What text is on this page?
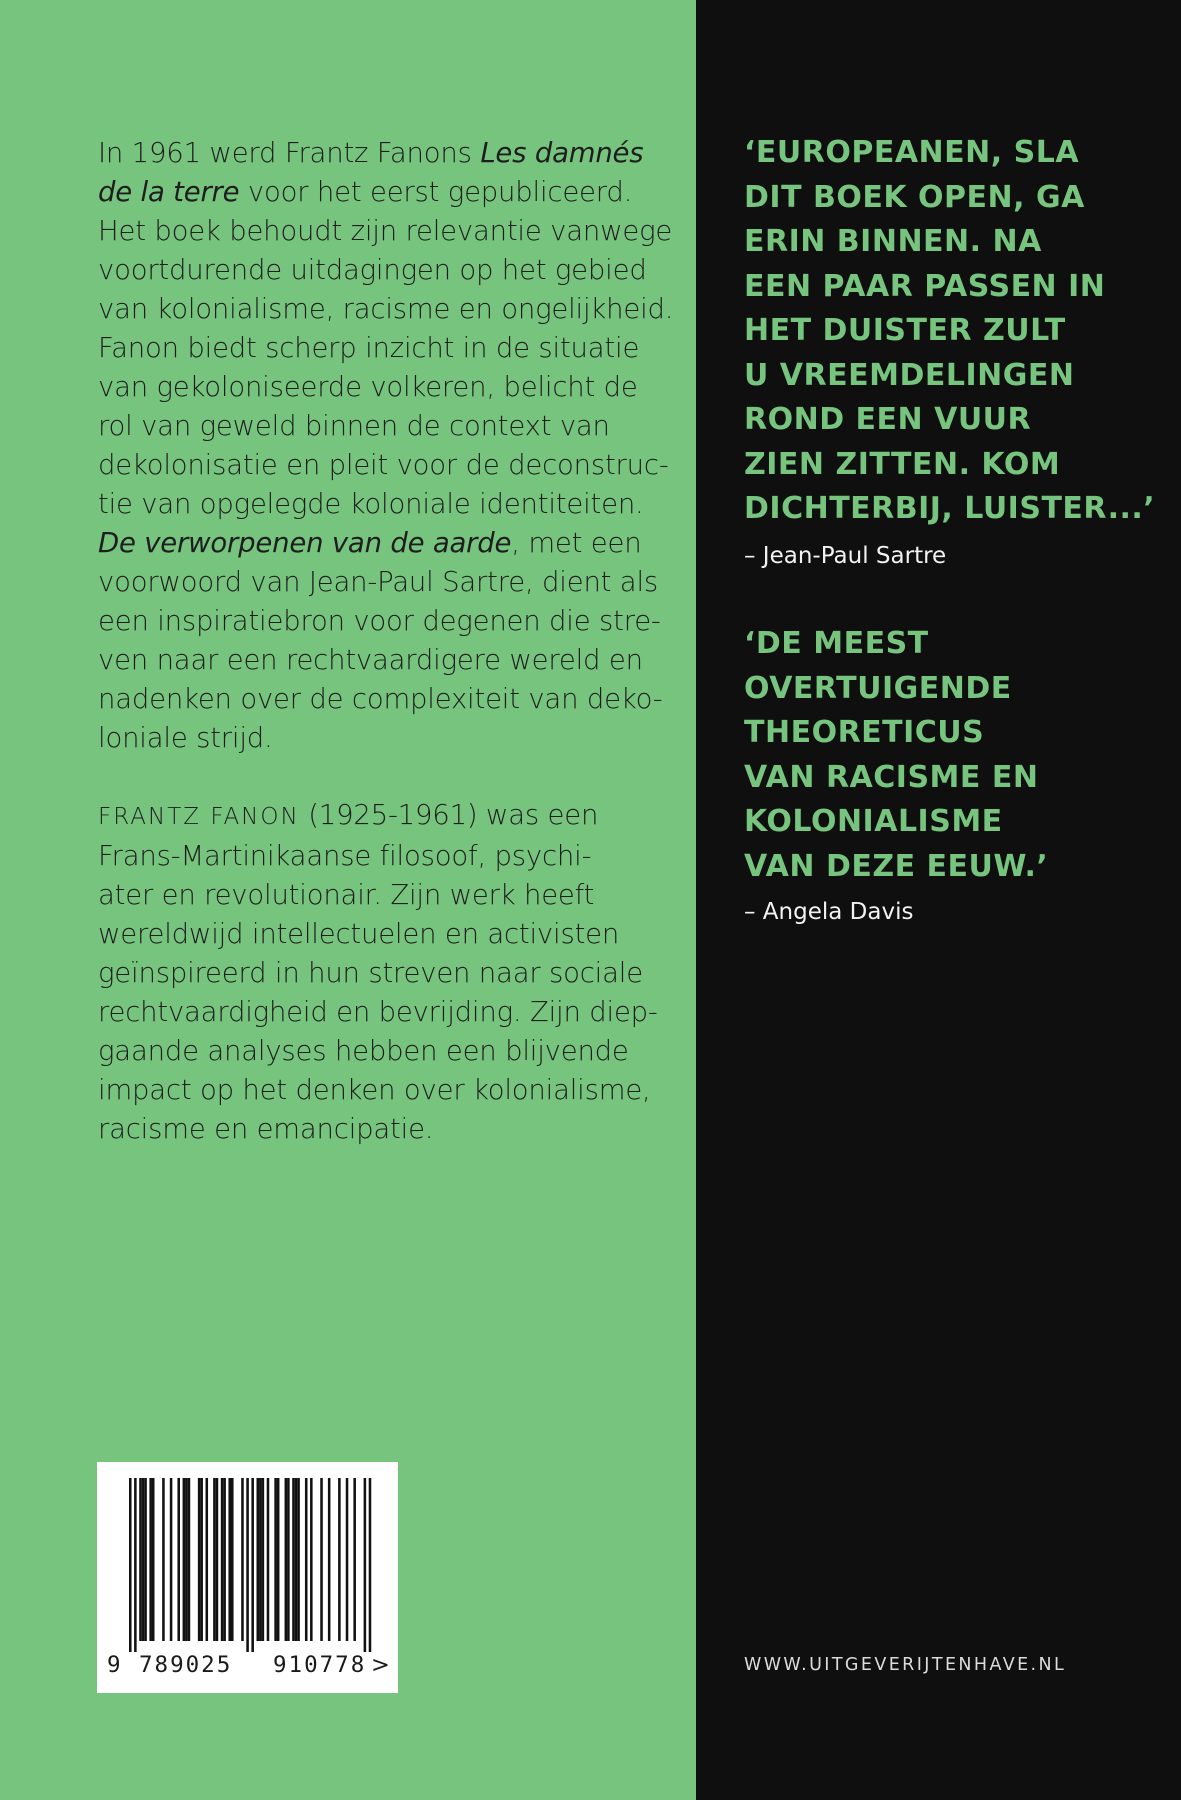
In 1961 werd Frantz Fanons Les damnés
de la terre voor het eerst gepubliceerd.
Het boek behoudt zijn relevantie vanwege
voortdurende uitdagingen op het gebied
van kolonialisme, racisme en ongelijkheid.
Fanon biedt scherp inzicht in de situatie
van gekoloniseerde volkeren, belicht de
rol van geweld binnen de context van
dekolonisatie en pleit voor de deconstruc-
tie van opgelegde koloniale identiteiten.
De verworpenen van de aarde, met een
voorwoord van Jean-Paul Sartre, dient als
een inspiratiebron voor degenen die stre-
ven naar een rechtvaardigere wereld en
nadenken over de complexiteit van deko-
loniale strijd.
FRANTZ FANON (1925-1961) was een
Frans-Martinikaanse filosoof, psychi-
ater en revolutionair. Zijn werk heeft
wereldwijd intellectuelen en activisten
geïnspireerd in hun streven naar sociale
rechtvaardigheid en bevrijding. Zijn diep-
gaande analyses hebben een blijvende
impact op het denken over kolonialisme,
racisme en emancipatie.
‘EUROPEANEN, SLA
DIT BOEK OPEN, GA
ERIN BINNEN. NA
EEN PAAR PASSEN IN
HET DUISTER ZULT
U VREEMDELINGEN
ROND EEN VUUR
ZIEN ZITTEN. KOM
DICHTERBIJ, LUISTER...’
– Jean-Paul Sartre
‘DE MEEST
OVERTUIGENDE
THEORETICUS
VAN RACISME EN
KOLONIALISME
VAN DEZE EEUW.’
– Angela Davis
9 789025 910778 >	WWW.UITGEVERIJTENHAVE.NL
